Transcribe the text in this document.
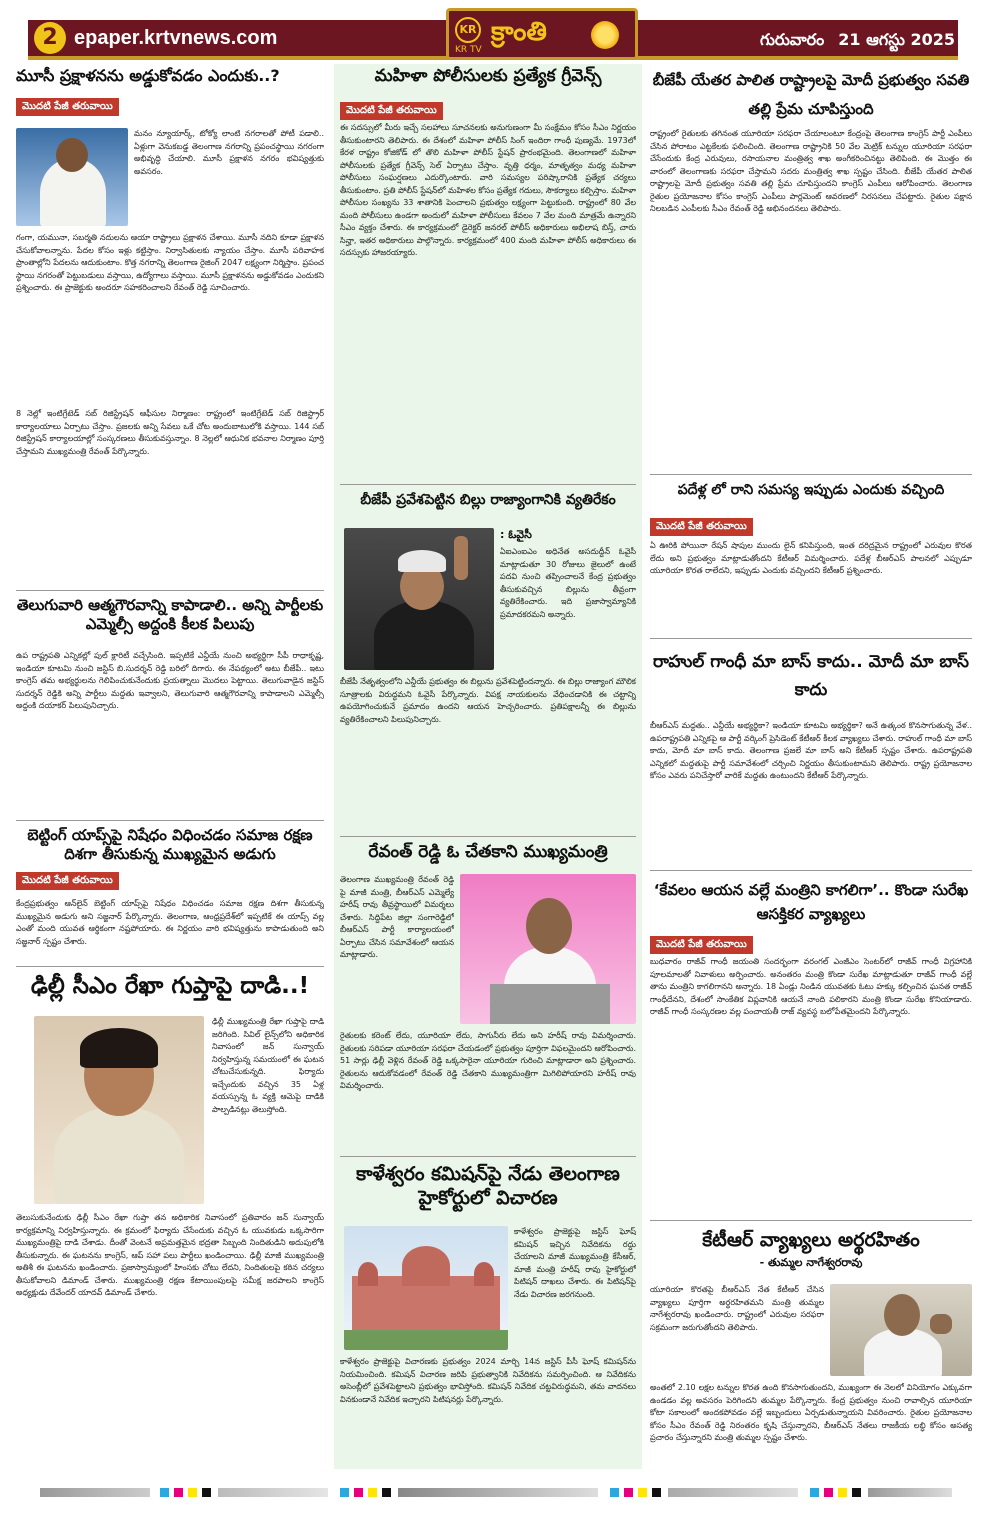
2 epaper.krtvnews.com	KR
KR TV
క్రాంతి	గురువారం 21 ఆగస్టు 2025
మూసీ ప్రక్షాళనను అడ్డుకోవడం ఎందుకు..?
మొదటి పేజీ తరువాయి
మనం న్యూయార్క్, టోక్యో లాంటి నగరాలతో పోటీ పడాలి.. ఏళ్లుగా వెనుకబడ్డ తెలంగాణ నగరాన్ని ప్రపంచస్థాయి నగరంగా అభివృద్ధి చేయాలి. మూసీ ప్రక్షాళన నగరం భవిష్యత్తుకు అవసరం.
గంగా, యమునా, సబర్మతి నదులను ఆయా రాష్ట్రాలు ప్రక్షాళన చేశాయి. మూసీ నదిని కూడా ప్రక్షాళన చేసుకోవాలన్నాను. పేదల కోసం ఇళ్లు కట్టిస్తాం. నిర్వాసితులకు న్యాయం చేస్తాం. మూసీ పరివాహక ప్రాంతాల్లోని పేదలను ఆదుకుంటాం. కొత్త నగరాన్ని తెలంగాణ రైజింగ్ 2047 లక్ష్యంగా నిర్మిస్తాం. ప్రపంచ స్థాయి నగరంతో పెట్టుబడులు వస్తాయి, ఉద్యోగాలు వస్తాయి. మూసీ ప్రక్షాళనను అడ్డుకోవడం ఎందుకని ప్రశ్నించారు. ఈ ప్రాజెక్టుకు అందరూ సహకరించాలని రేవంత్ రెడ్డి సూచించారు.
8 నెల్లో ఇంటిగ్రేటెడ్ సబ్ రిజిస్ట్రేషన్ ఆఫీసుల నిర్మాణం: రాష్ట్రంలో ఇంటిగ్రేటెడ్ సబ్ రిజిస్ట్రార్ కార్యాలయాలు ఏర్పాటు చేస్తాం. ప్రజలకు అన్ని సేవలు ఒకే చోట అందుబాటులోకి వస్తాయి. 144 సబ్ రిజిస్ట్రేషన్ కార్యాలయాల్లో సంస్కరణలు తీసుకువస్తున్నాం. 8 నెల్లలో ఆధునిక భవనాల నిర్మాణం పూర్తి చేస్తామని ముఖ్యమంత్రి రేవంత్ పేర్కొన్నారు.
తెలుగువారి ఆత్మగౌరవాన్ని కాపాడాలి.. అన్ని పార్టీలకు ఎమ్మెల్సీ అద్దంకి కీలక పిలుపు
ఉప రాష్ట్రపతి ఎన్నికల్లో పుల్ క్లారిటీ వచ్చేసింది. ఇప్పటికే ఎన్డీయే నుంచి అభ్యర్థిగా సీపీ రాధాకృష్ణ, ఇండియా కూటమి నుంచి జస్టిస్ బి.సుదర్శన్ రెడ్డి బరిలో దిగారు. ఈ నేపథ్యంలో అటు బీజేపీ.. ఇటు కాంగ్రెస్ తమ అభ్యర్థులను గెలిపించుకునేందుకు ప్రయత్నాలు మొదలు పెట్టాయి. తెలుగువాడైన జస్టిస్ సుదర్శన్ రెడ్డికి అన్ని పార్టీలు మద్దతు ఇవ్వాలని, తెలుగువారి ఆత్మగౌరవాన్ని కాపాడాలని ఎమ్మెల్సీ అద్దంకి దయాకర్ పిలుపునిచ్చారు.
బెట్టింగ్ యాప్స్‌పై నిషేధం విధించడం సమాజ రక్షణ దిశగా తీసుకున్న ముఖ్యమైన అడుగు
మొదటి పేజీ తరువాయి
కేంద్రప్రభుత్వం ఆన్‌లైన్ బెట్టింగ్ యాప్స్‌పై నిషేధం విధించడం సమాజ రక్షణ దిశగా తీసుకున్న ముఖ్యమైన అడుగు అని సజ్జనార్ పేర్కొన్నారు. తెలంగాణ, ఆంధ్రప్రదేశ్‌లో ఇప్పటికే ఈ యాప్స్ వల్ల ఎంతో మంది యువత ఆర్థికంగా నష్టపోయారు. ఈ నిర్ణయం వారి భవిష్యత్తును కాపాడుతుంది అని సజ్జనార్ స్పష్టం చేశారు.
ఢిల్లీ సీఎం రేఖా గుప్తాపై దాడి..!
ఢిల్లీ ముఖ్యమంత్రి రేఖా గుప్తాపై దాడి జరిగింది. సివిల్ లైన్స్‌లోని అధికారిక నివాసంలో జన్ సున్వాయ్ నిర్వహిస్తున్న సమయంలో ఈ ఘటన చోటుచేసుకున్నది. ఫిర్యాదు ఇచ్చేందుకు వచ్చిన 35 ఏళ్ల వయస్సున్న ఓ వ్యక్తి ఆమెపై దాడికి పాల్పడినట్లు తెలుస్తోంది.
తెలుసుకునేందుకు ఢిల్లీ సీఎం రేఖా గుప్తా తన అధికారిక నివాసంలో ప్రతివారం జన్ సున్వాయ్ కార్యక్రమాన్ని నిర్వహిస్తున్నారు. ఈ క్రమంలో ఫిర్యాదు చేసేందుకు వచ్చిన ఓ యువకుడు ఒక్కసారిగా ముఖ్యమంత్రిపై దాడి చేశాడు. దీంతో వెంటనే అప్రమత్తమైన భద్రతా సిబ్బంది నిందితుడిని అదుపులోకి తీసుకున్నారు. ఈ ఘటనను కాంగ్రెస్, ఆప్ సహా పలు పార్టీలు ఖండించాయి. ఢిల్లీ మాజీ ముఖ్యమంత్రి అతిశీ ఈ ఘటనను ఖండించారు. ప్రజాస్వామ్యంలో హింసకు చోటు లేదని, నిందితులపై కఠిన చర్యలు తీసుకోవాలని డిమాండ్ చేశారు. ముఖ్యమంత్రి రక్షణ కేటాయింపులపై సమీక్ష జరపాలని కాంగ్రెస్ అధ్యక్షుడు దేవేందర్ యాదవ్ డిమాండ్ చేశారు.
మహిళా పోలీసులకు ప్రత్యేక గ్రీవెన్స్
మొదటి పేజీ తరువాయి
ఈ సదస్సులో మీరు ఇచ్చే సలహాలు సూచనలకు అనుగుణంగా మీ సంక్షేమం కోసం సీఎం నిర్ణయం తీసుకుంటారని తెలిపారు. ఈ దేశంలో మహిళా పోలీస్ సింగ్ ఇందిరా గాంధీ పుణ్యమే. 1973లో కేరళ రాష్ట్రం కోజికోడ్ లో తొలి మహిళా పోలీస్ స్టేషన్ ప్రారంభమైంది. తెలంగాణలో మహిళా పోలీసులకు ప్రత్యేక గ్రీవెన్స్ సెల్ ఏర్పాటు చేస్తాం. వృత్తి ధర్మం, మాతృత్వం మధ్య మహిళా పోలీసులు సంఘర్షణలు ఎదుర్కొంటారు. వారి సమస్యల పరిష్కారానికి ప్రత్యేక చర్యలు తీసుకుంటాం. ప్రతి పోలీస్ స్టేషన్‌లో మహిళల కోసం ప్రత్యేక గదులు, సౌకర్యాలు కల్పిస్తాం. మహిళా పోలీసుల సంఖ్యను 33 శాతానికి పెంచాలని ప్రభుత్వం లక్ష్యంగా పెట్టుకుంది. రాష్ట్రంలో 80 వేల మంది పోలీసులు ఉండగా అందులో మహిళా పోలీసులు కేవలం 7 వేల మంది మాత్రమే ఉన్నారని సీఎం వ్యక్తం చేశారు. ఈ కార్యక్రమంలో డైరెక్టర్ జనరల్ పోలీస్ అధికారులు అభిలాష బిస్త్, చారు సిన్హా, ఇతర అధికారులు పాల్గొన్నారు. కార్యక్రమంలో 400 మంది మహిళా పోలీస్ అధికారులు ఈ సదస్సుకు హాజరయ్యారు.
బీజేపీ ప్రవేశపెట్టిన బిల్లు రాజ్యాంగానికి వ్యతిరేకం
: ఓవైసీ
ఏఐఎంఐఎం అధినేత అసదుద్దీన్ ఓవైసీ మాట్లాడుతూ 30 రోజులు జైలులో ఉంటే పదవి నుంచి తప్పించాలనే కేంద్ర ప్రభుత్వం తీసుకువచ్చిన బిల్లును తీవ్రంగా వ్యతిరేకించారు. ఇది ప్రజాస్వామ్యానికి ప్రమాదకరమని అన్నారు.
బీజేపీ నేతృత్వంలోని ఎన్డీయే ప్రభుత్వం ఈ బిల్లును ప్రవేశపెట్టిందన్నారు. ఈ బిల్లు రాజ్యాంగ మౌలిక సూత్రాలకు విరుద్ధమని ఓవైసీ పేర్కొన్నారు. విపక్ష నాయకులను వేధించడానికి ఈ చట్టాన్ని ఉపయోగించుకునే ప్రమాదం ఉందని ఆయన హెచ్చరించారు. ప్రతిపక్షాలన్నీ ఈ బిల్లును వ్యతిరేకించాలని పిలుపునిచ్చారు.
రేవంత్ రెడ్డి ఓ చేతకాని ముఖ్యమంత్రి
తెలంగాణ ముఖ్యమంత్రి రేవంత్ రెడ్డి పై మాజీ మంత్రి, బీఆర్ఎస్ ఎమ్మెల్యే హరీష్ రావు తీవ్రస్థాయిలో విమర్శలు చేశారు. సిద్దిపేట జిల్లా సంగారెడ్డిలో బీఆర్ఎస్ పార్టీ కార్యాలయంలో ఏర్పాటు చేసిన సమావేశంలో ఆయన మాట్లాడారు.
రైతులకు కరెంట్ లేదు, యూరియా లేదు, సాగునీరు లేదు అని హరీష్ రావు విమర్శించారు. రైతులకు సరిపడా యూరియా సరఫరా చేయడంలో ప్రభుత్వం పూర్తిగా విఫలమైందని ఆరోపించారు. 51 సార్లు ఢిల్లీ వెళ్లిన రేవంత్ రెడ్డి ఒక్కసారైనా యూరియా గురించి మాట్లాడారా అని ప్రశ్నించారు. రైతులను ఆదుకోవడంలో రేవంత్ రెడ్డి చేతకాని ముఖ్యమంత్రిగా మిగిలిపోయారని హరీష్ రావు విమర్శించారు.
కాళేశ్వరం కమిషన్‌పై నేడు తెలంగాణ హైకోర్టులో విచారణ
కాళేశ్వరం ప్రాజెక్టుపై జస్టిస్ ఘోష్ కమిషన్ ఇచ్చిన నివేదికను రద్దు చేయాలని మాజీ ముఖ్యమంత్రి కేసీఆర్, మాజీ మంత్రి హరీష్ రావు హైకోర్టులో పిటిషన్ దాఖలు చేశారు. ఈ పిటిషన్‌పై నేడు విచారణ జరగనుంది.
కాళేశ్వరం ప్రాజెక్టుపై విచారణకు ప్రభుత్వం 2024 మార్చి 14న జస్టిస్ పీసీ ఘోష్ కమిషన్‌ను నియమించింది. కమిషన్ విచారణ జరిపి ప్రభుత్వానికి నివేదికను సమర్పించింది. ఆ నివేదికను అసెంబ్లీలో ప్రవేశపెట్టాలని ప్రభుత్వం భావిస్తోంది. కమిషన్ నివేదిక చట్టవిరుద్ధమని, తమ వాదనలు వినకుండానే నివేదిక ఇచ్చారని పిటిషనర్లు పేర్కొన్నారు.
బీజేపీ యేతర పాలిత రాష్ట్రాలపై మోదీ ప్రభుత్వం సవతి తల్లి ప్రేమ చూపిస్తుంది
రాష్ట్రంలో రైతులకు తగినంత యూరియా సరఫరా చేయాలంటూ కేంద్రంపై తెలంగాణ కాంగ్రెస్ పార్టీ ఎంపీలు చేసిన పోరాటం ఎట్టకేలకు ఫలించింది. తెలంగాణ రాష్ట్రానికి 50 వేల మెట్రిక్ టన్నుల యూరియా సరఫరా చేసేందుకు కేంద్ర ఎరువులు, రసాయనాల మంత్రిత్వ శాఖ అంగీకరించినట్టు తెలిపింది. ఈ మొత్తం ఈ వారంలో తెలంగాణకు సరఫరా చేస్తామని సదరు మంత్రిత్వ శాఖ స్పష్టం చేసింది. బీజేపీ యేతర పాలిత రాష్ట్రాలపై మోదీ ప్రభుత్వం సవతి తల్లి ప్రేమ చూపిస్తుందని కాంగ్రెస్ ఎంపీలు ఆరోపించారు. తెలంగాణ రైతుల ప్రయోజనాల కోసం కాంగ్రెస్ ఎంపీలు పార్లమెంట్ ఆవరణలో నిరసనలు చేపట్టారు. రైతుల పక్షాన నిలబడిన ఎంపీలకు సీఎం రేవంత్ రెడ్డి అభినందనలు తెలిపారు.
పదేళ్ల లో రాని సమస్య ఇప్పుడు ఎందుకు వచ్చింది
మొదటి పేజీ తరువాయి
ఏ ఊరికి పోయినా రేషన్ షాపుల ముందు లైన్ కనిపిస్తుంది, ఇంత దరిద్రమైన రాష్ట్రంలో ఎరువుల కొరత లేదు అని ప్రభుత్వం మాట్లాడుతోందని కేటీఆర్ విమర్శించారు. పదేళ్ల బీఆర్ఎస్ పాలనలో ఎప్పుడూ యూరియా కొరత రాలేదని, ఇప్పుడు ఎందుకు వచ్చిందని కేటీఆర్ ప్రశ్నించారు.
రాహుల్ గాంధీ మా బాస్ కాదు.. మోదీ మా బాస్ కాదు
బీఆర్ఎస్ మద్దతు.. ఎన్డీయే అభ్యర్థికా? ఇండియా కూటమి అభ్యర్థికా? అనే ఉత్కంఠ కొనసాగుతున్న వేళ.. ఉపరాష్ట్రపతి ఎన్నికపై ఆ పార్టీ వర్కింగ్ ప్రెసిడెంట్ కేటీఆర్ కీలక వ్యాఖ్యలు చేశారు. రాహుల్ గాంధీ మా బాస్ కాదు, మోదీ మా బాస్ కాదు. తెలంగాణ ప్రజలే మా బాస్ అని కేటీఆర్ స్పష్టం చేశారు. ఉపరాష్ట్రపతి ఎన్నికలో మద్దతుపై పార్టీ సమావేశంలో చర్చించి నిర్ణయం తీసుకుంటామని తెలిపారు. రాష్ట్ర ప్రయోజనాల కోసం ఎవరు పనిచేస్తారో వారికే మద్దతు ఉంటుందని కేటీఆర్ పేర్కొన్నారు.
‘కేవలం ఆయన వల్లే మంత్రిని కాగలిగా’.. కొండా సురేఖ ఆసక్తికర వ్యాఖ్యలు
మొదటి పేజీ తరువాయి
బుధవారం రాజీవ్ గాంధీ జయంతి సందర్భంగా వరంగల్ ఎంజీఎం సెంటర్‌లో రాజీవ్ గాంధీ విగ్రహానికి పూలమాలతో నివాళులు అర్పించారు. అనంతరం మంత్రి కొండా సురేఖ మాట్లాడుతూ రాజీవ్ గాంధీ వల్లే తాను మంత్రిని కాగలిగానని అన్నారు. 18 ఏండ్లు నిండిన యువతకు ఓటు హక్కు కల్పించిన ఘనత రాజీవ్ గాంధీదేనని, దేశంలో సాంకేతిక విప్లవానికి ఆయనే నాంది పలికారని మంత్రి కొండా సురేఖ కొనియాడారు. రాజీవ్ గాంధీ సంస్కరణల వల్ల పంచాయతీ రాజ్ వ్యవస్థ బలోపేతమైందని పేర్కొన్నారు.
కేటీఆర్ వ్యాఖ్యలు అర్థరహితం
- తుమ్మల నాగేశ్వరరావు
యూరియా కొరతపై బీఆర్ఎస్ నేత కేటీఆర్ చేసిన వ్యాఖ్యలు పూర్తిగా అర్థరహితమని మంత్రి తుమ్మల నాగేశ్వరరావు ఖండించారు. రాష్ట్రంలో ఎరువుల సరఫరా సక్రమంగా జరుగుతోందని తెలిపారు.
అంతలో 2.10 లక్షల టన్నుల కొరత ఉంది కొనసాగుతుందని, ముఖ్యంగా ఈ నెలలో వినియోగం ఎక్కువగా ఉండడం వల్ల అవసరం పెరిగిందని తుమ్మల పేర్కొన్నారు. కేంద్ర ప్రభుత్వం నుంచి రావాల్సిన యూరియా కోటా సకాలంలో అందకపోవడం వల్లే ఇబ్బందులు ఏర్పడుతున్నాయని వివరించారు. రైతుల ప్రయోజనాల కోసం సీఎం రేవంత్ రెడ్డి నిరంతరం కృషి చేస్తున్నారని, బీఆర్ఎస్ నేతలు రాజకీయ లబ్ధి కోసం అసత్య ప్రచారం చేస్తున్నారని మంత్రి తుమ్మల స్పష్టం చేశారు.
